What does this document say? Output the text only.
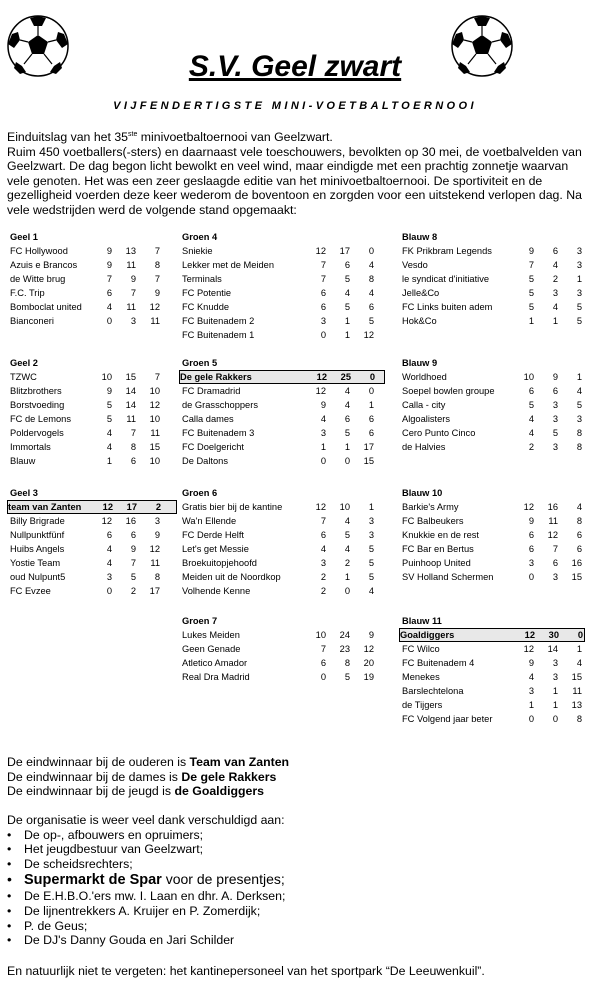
S.V. Geel zwart
VIJFENDERTIGSTE MINI-VOETBALTOERNOOI
Einduitslag van het 35ste minivoetbaltoernooi van Geelzwart.
Ruim 450 voetballers(-sters) en daarnaast vele toeschouwers, bevolkten op 30 mei, de voetbalvelden van Geelzwart. De dag begon licht bewolkt en veel wind, maar eindigde met een prachtig zonnetje waarvan vele genoten. Het was een zeer geslaagde editie van het minivoetbaltoernooi. De sportiviteit en de gezelligheid voerden deze keer wederom de boventoon en zorgden voor een uitstekend verlopen dag. Na vele wedstrijden werd de volgende stand opgemaakt:
Geel 1
FC Hollywood	9	13	7
Azuis e Brancos	9	11	8
de Witte brug	7	9	7
F.C. Trip	6	7	9
Bomboclat united	4	11	12
Bianconeri	0	3	11
Groen 4
Sniekie	12	17	0
Lekker met de Meiden	7	6	4
Terminals	7	5	8
FC Potentie	6	4	4
FC Knudde	6	5	6
FC Buitenadem 2	3	1	5
FC Buitenadem 1	0	1	12
Blauw 8
FK Prikbram Legends	9	6	3
Vesdo	7	4	3
le syndicat d'initiative	5	2	1
Jelle&Co	5	3	3
FC Links buiten adem	5	4	5
Hok&Co	1	1	5
Geel 2
TZWC	10	15	7
Blitzbrothers	9	14	10
Borstvoeding	5	14	12
FC de Lemons	5	11	10
Poldervogels	4	7	11
Immortals	4	8	15
Blauw	1	6	10
Groen 5
De gele Rakkers	12	25	0
FC Dramadrid	12	4	0
de Grasschoppers	9	4	1
Calla dames	4	6	6
FC Buitenadem 3	3	5	6
FC Doelgericht	1	1	17
De Daltons	0	0	15
Blauw 9
Worldhoed	10	9	1
Soepel bowlen groupe	6	6	4
Calla - city	5	3	5
Algoalisters	4	3	3
Cero Punto Cinco	4	5	8
de Halvies	2	3	8
Geel 3
team van Zanten	12	17	2
Billy Brigrade	12	16	3
Nullpunktfünf	6	6	9
Huibs Angels	4	9	12
Yostie Team	4	7	11
oud Nulpunt5	3	5	8
FC Evzee	0	2	17
Groen 6
Gratis bier bij de kantine	12	10	1
Wa'n Ellende	7	4	3
FC Derde Helft	6	5	3
Let's get Messie	4	4	5
Broekuitopjehoofd	3	2	5
Meiden uit de Noordkop	2	1	5
Volhende Kenne	2	0	4
Blauw 10
Barkie's Army	12	16	4
FC Balbeukers	9	11	8
Knukkie en de rest	6	12	6
FC Bar en Bertus	6	7	6
Puinhoop United	3	6	16
SV Holland Schermen	0	3	15
Groen 7
Lukes Meiden	10	24	9
Geen Genade	7	23	12
Atletico Amador	6	8	20
Real Dra Madrid	0	5	19
Blauw 11
Goaldiggers	12	30	0
FC Wilco	12	14	1
FC Buitenadem 4	9	3	4
Menekes	4	3	15
Barslechtelona	3	1	11
de Tijgers	1	1	13
FC Volgend jaar beter	0	0	8
De eindwinnaar bij de ouderen is Team van Zanten
De eindwinnaar bij de dames is De gele Rakkers
De eindwinnaar bij de jeugd is de Goaldiggers
De organisatie is weer veel dank verschuldigd aan:
• De op-, afbouwers en opruimers;
• Het jeugdbestuur van Geelzwart;
• De scheidsrechters;
• Supermarkt de Spar voor de presentjes;
• De E.H.B.O.'ers mw. I. Laan en dhr. A. Derksen;
• De lijnentrekkers A. Kruijer en P. Zomerdijk;
• P. de Geus;
• De DJ's Danny Gouda en Jari Schilder
En natuurlijk niet te vergeten: het kantinepersoneel van het sportpark “De Leeuwenkuil”.
